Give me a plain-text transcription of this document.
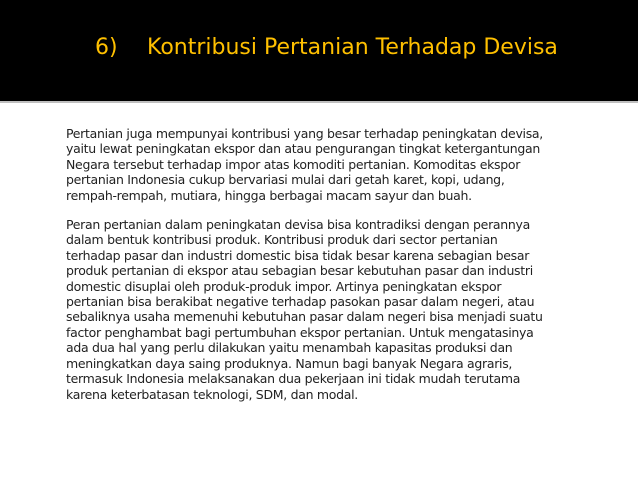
6) Kontribusi Pertanian Terhadap Devisa
Pertanian juga mempunyai kontribusi yang besar terhadap peningkatan devisa,
yaitu lewat peningkatan ekspor dan atau pengurangan tingkat ketergantungan
Negara tersebut terhadap impor atas komoditi pertanian. Komoditas ekspor
pertanian Indonesia cukup bervariasi mulai dari getah karet, kopi, udang,
rempah-rempah, mutiara, hingga berbagai macam sayur dan buah.
Peran pertanian dalam peningkatan devisa bisa kontradiksi dengan perannya
dalam bentuk kontribusi produk. Kontribusi produk dari sector pertanian
terhadap pasar dan industri domestic bisa tidak besar karena sebagian besar
produk pertanian di ekspor atau sebagian besar kebutuhan pasar dan industri
domestic disuplai oleh produk-produk impor. Artinya peningkatan ekspor
pertanian bisa berakibat negative terhadap pasokan pasar dalam negeri, atau
sebaliknya usaha memenuhi kebutuhan pasar dalam negeri bisa menjadi suatu
factor penghambat bagi pertumbuhan ekspor pertanian. Untuk mengatasinya
ada dua hal yang perlu dilakukan yaitu menambah kapasitas produksi dan
meningkatkan daya saing produknya. Namun bagi banyak Negara agraris,
termasuk Indonesia melaksanakan dua pekerjaan ini tidak mudah terutama
karena keterbatasan teknologi, SDM, dan modal.
